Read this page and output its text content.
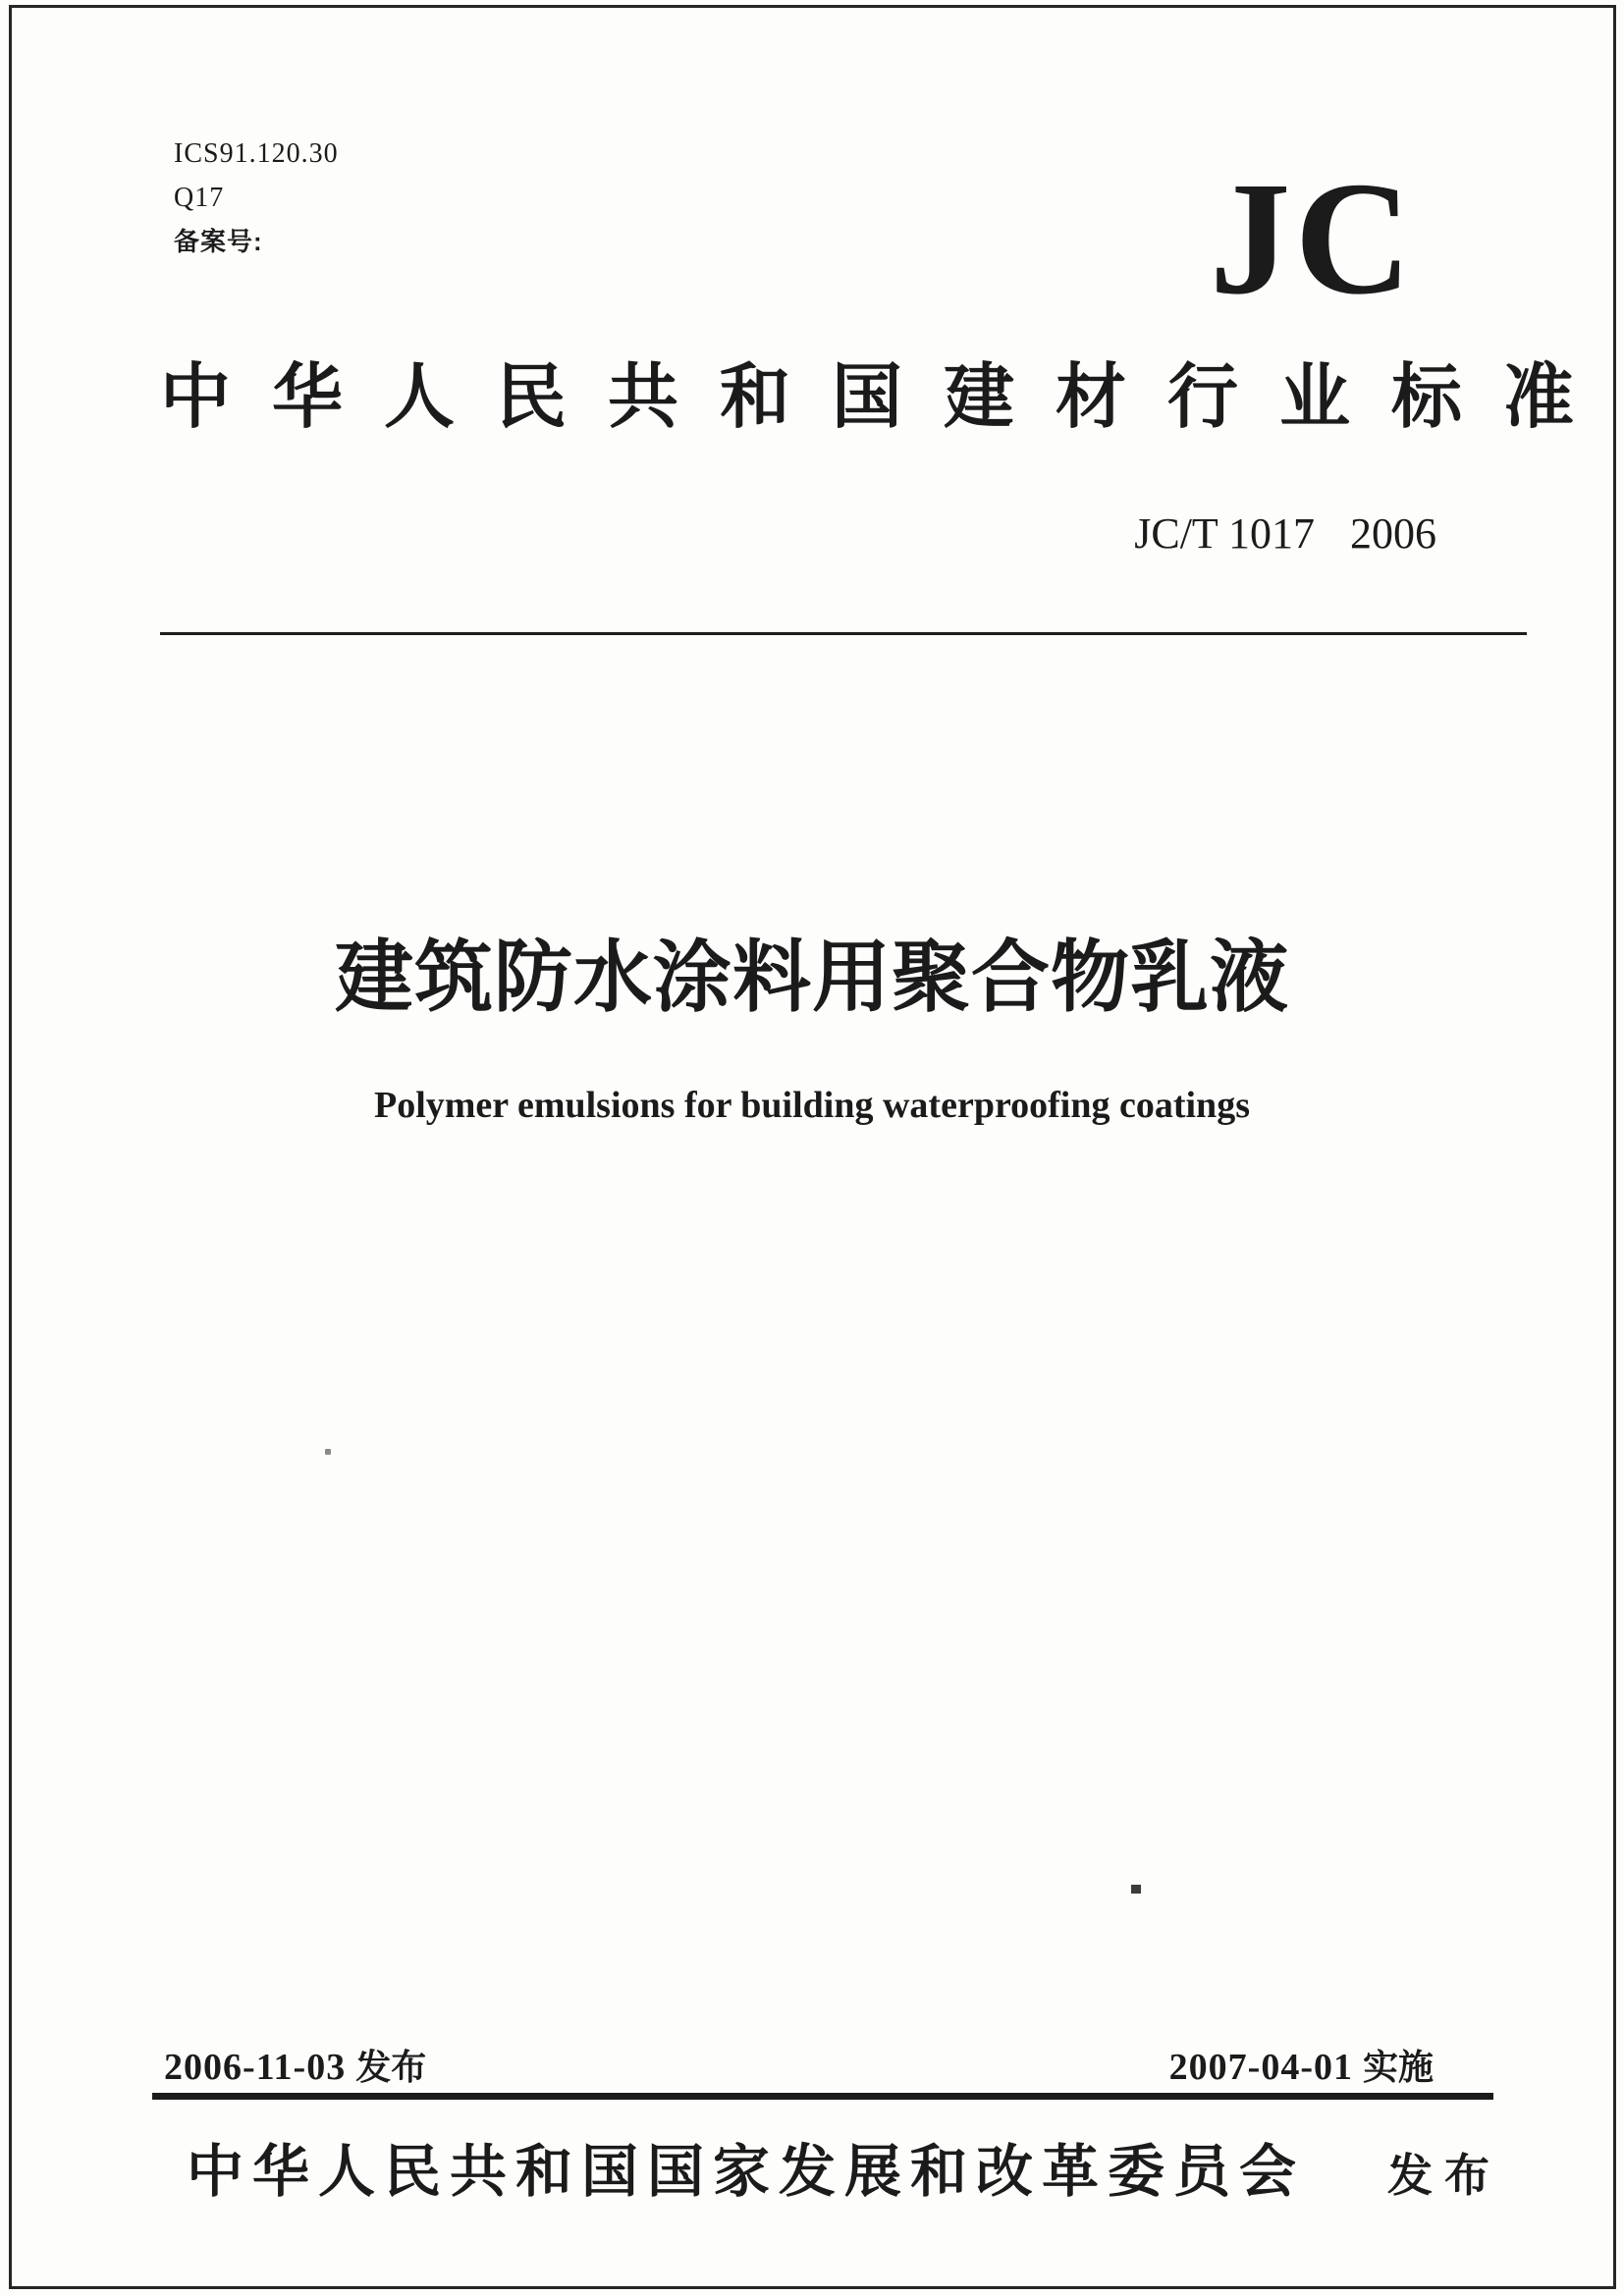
ICS91.120.30
Q17
备案号:	JC
中华人民共和国建材行业标准
JC/T 1017 2006
建筑防水涂料用聚合物乳液
Polymer emulsions for building waterproofing coatings
2006-11-03 发布	2007-04-01 实施
中华人民共和国国家发展和改革委员会 发布
